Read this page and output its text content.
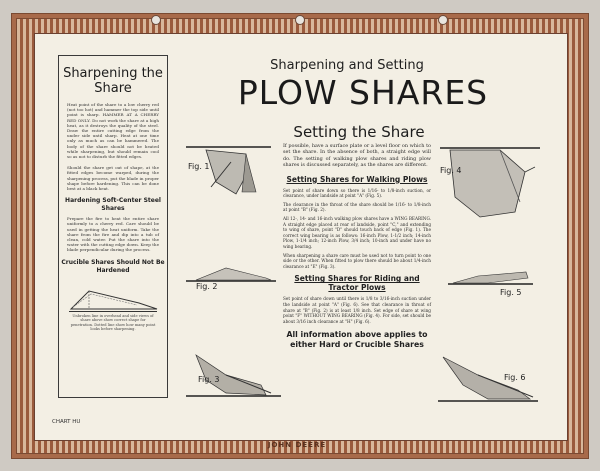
Sharpening the Share
Heat point of the share to a low cherry red (not too hot) and hammer the top side until point is sharp. HAMMER AT A CHERRY RED ONLY. Do not work the share at a high heat, as it destroys the quality of the steel. Draw the entire cutting edge from the under side until sharp. Heat at one time only as much as can be hammered. The body of the share should not be heated while sharpening, but should remain cool so as not to disturb the fitted edges.
Should the share get out of shape, at the fitted edges become warped, during the sharpening process, put the blade in proper shape before hardening. This can be done best at a black heat.
Hardening Soft-Center Steel Shares
Prepare the fire to heat the entire share uniformly to a cherry red. Care should be used in getting the heat uniform. Take the share from the fire and dip into a tub of clean, cold water. Put the share into the water with the cutting edge down. Keep the blade perpendicular during the process.
Crucible Shares Should Not Be Hardened
Unbroken line in overhead and side views of share above show correct shape for penetration. Dotted line show how many point looks before sharpening.
Sharpening and Setting
PLOW SHARES
Setting the Share
If possible, have a surface plate or a level floor on which to set the share. In the absence of both, a straight edge will do. The setting of walking plow shares and riding plow shares is discussed separately, as the shares are different.
Setting Shares for Walking Plows
Set point of share down so there is 1/16- to 1/8-inch suction, or clearance, under landside at point "A" (Fig. 5).
The clearance in the throat of the share should be 1/16- to 1/8-inch at point "B" (Fig. 2).
All 12-, 14- and 16-inch walking plow shares have a WING BEARING. A straight edge placed at rear of landside, point "C," and extending to wing of share, point "D" should touch back of edge (Fig. 1). The correct wing bearing is as follows: 16-inch Plow, 1-1/2 inch; 14-inch Plow, 1-1/4 inch; 12-inch Plow, 3/4 inch; 10-inch and under have no wing bearing.
When sharpening a share care must be used not to turn point to one side or the other. When fitted to plow there should be about 1/4-inch clearance at "E" (Fig. 3).
Setting Shares for Riding and Tractor Plows
Set point of share down until there is 1/8 to 3/16-inch suction under the landside at point "A" (Fig. 6). See that clearance in throat of share at "B" (Fig. 2) is at least 1/8 inch. Set edge of share at wing point "F" WITHOUT WING BEARING (Fig. 4). For side, set should be about 3/16 inch clearance at "H" (Fig. 6).
All information above applies to either Hard or Crucible Shares
Fig. 1
Fig. 2
Fig. 3
Fig. 4
Fig. 5
Fig. 6
CHART HU
JOHN DEERE
